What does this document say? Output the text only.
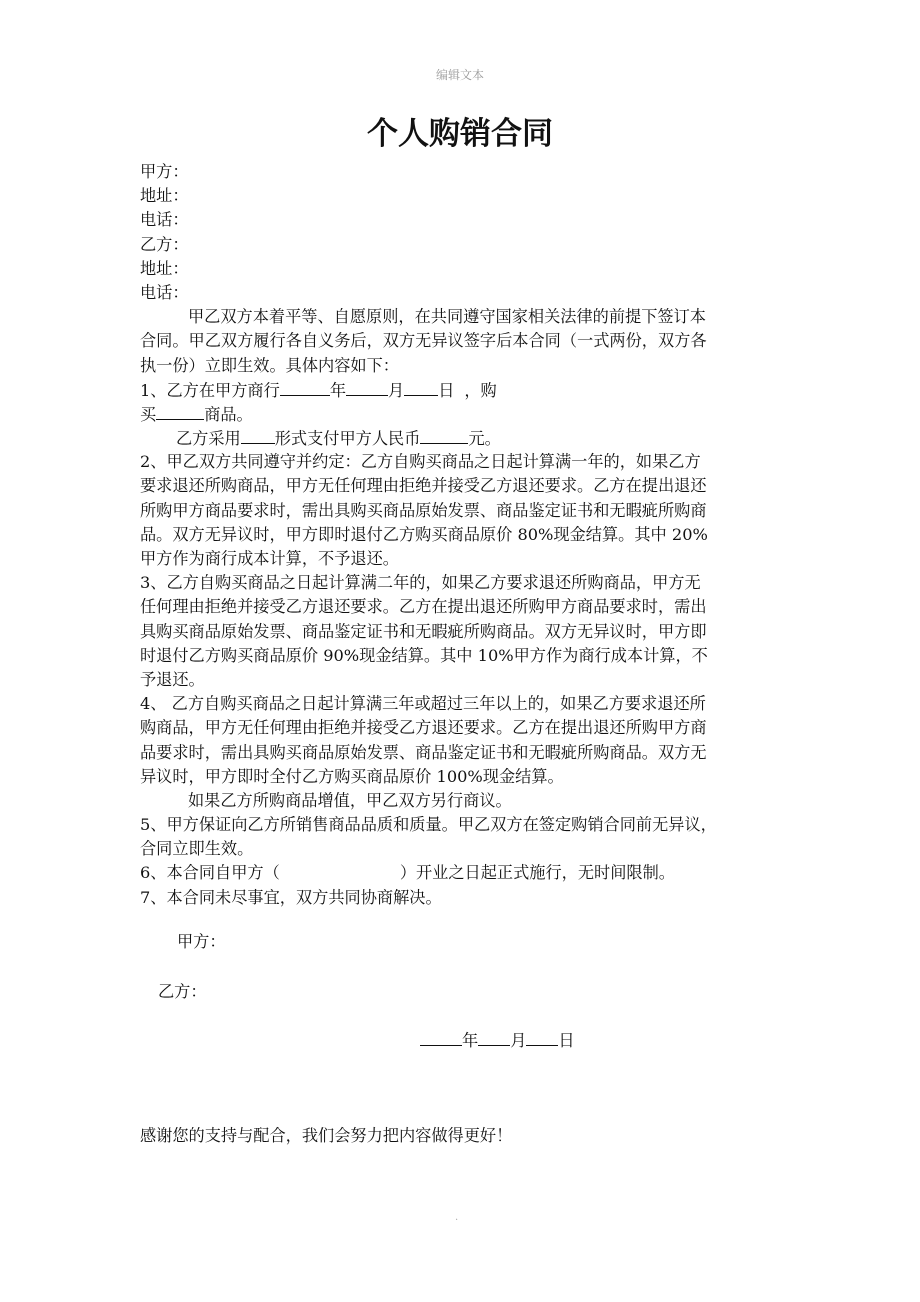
编辑文本
个人购销合同
甲方：
地址：
电话：
乙方：
地址：
电话：
甲乙双方本着平等、自愿原则，在共同遵守国家相关法律的前提下签订本
合同。甲乙双方履行各自义务后，双方无异议签字后本合同（一式两份，双方各
执一份）立即生效。具体内容如下：
1、乙方在甲方商行	年	月 日 ，购
买	商品。
乙方采用 形式支付甲方人民币	元。
2、甲乙双方共同遵守并约定：乙方自购买商品之日起计算满一年的，如果乙方
要求退还所购商品，甲方无任何理由拒绝并接受乙方退还要求。乙方在提出退还
所购甲方商品要求时，需出具购买商品原始发票、商品鉴定证书和无暇疵所购商
品。双方无异议时，甲方即时退付乙方购买商品原价 80%现金结算。其中 20%
甲方作为商行成本计算，不予退还。
3、乙方自购买商品之日起计算满二年的，如果乙方要求退还所购商品，甲方无
任何理由拒绝并接受乙方退还要求。乙方在提出退还所购甲方商品要求时，需出
具购买商品原始发票、商品鉴定证书和无暇疵所购商品。双方无异议时，甲方即
时退付乙方购买商品原价 90%现金结算。其中 10%甲方作为商行成本计算，不
予退还。
4、 乙方自购买商品之日起计算满三年或超过三年以上的，如果乙方要求退还所
购商品，甲方无任何理由拒绝并接受乙方退还要求。乙方在提出退还所购甲方商
品要求时，需出具购买商品原始发票、商品鉴定证书和无暇疵所购商品。双方无
异议时，甲方即时全付乙方购买商品原价 100%现金结算。
如果乙方所购商品增值，甲乙双方另行商议。
5、甲方保证向乙方所销售商品品质和质量。甲乙双方在签定购销合同前无异议，
合同立即生效。
6、本合同自甲方（	）开业之日起正式施行，无时间限制。
7、本合同未尽事宜，双方共同协商解决。
甲方：
乙方：
年 月 日
感谢您的支持与配合，我们会努力把内容做得更好！
.
